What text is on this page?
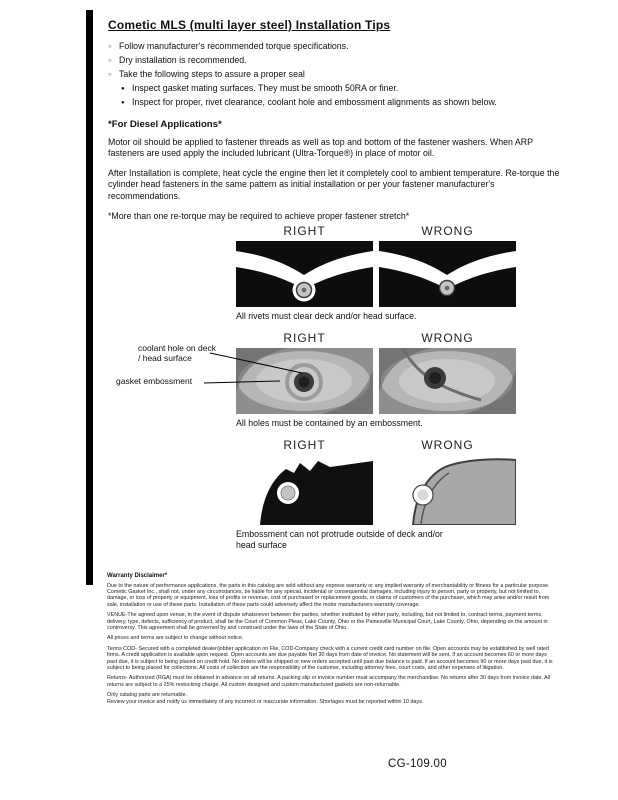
Cometic MLS (multi layer steel) Installation Tips
○ Follow manufacturer's recommended torque specifications.
○ Dry installation is recommended.
○ Take the following steps to assure a proper seal
● Inspect gasket mating surfaces. They must be smooth 50RA or finer.
● Inspect for proper, rivet clearance, coolant hole and embossment alignments as shown below.
*For Diesel Applications*

Motor oil should be applied to fastener threads as well as top and bottom of the fastener washers. When ARP fasteners are used apply the included lubricant (Ultra-Torque®) in place of motor oil.

After Installation is complete, heat cycle the engine then let it completely cool to ambient temperature. Re-torque the cylinder head fasteners in the same pattern as initial installation or per your fastener manufacturer's recommendations.

*More than one re-torque may be required to achieve proper fastener stretch*

RIGHT	WRONG
All rivets must clear deck and/or head surface.
RIGHT	WRONG
All holes must be contained by an embossment.
RIGHT	WRONG
Embossment can not protrude outside of deck and/or head surface
coolant hole on deck / head surface
gasket embossment
Warranty Disclaimer*

Due to the nature of performance applications, the parts in this catalog are sold without any express warranty or any implied warranty of merchantability or fitness for a particular purpose. Cometic Gasket Inc., shall not, under any circumstances, be liable for any special, incidental or consequential damages, including injury to person, party or property, but not limited to, damage, or loss of property or equipment, loss of profits or revenue, cost of purchased or replacement goods, or claims of customers of the purchaser, which may arise and/or result from sale, installation or use of these parts. Installation of these parts could adversely affect the motor manufacturers warranty coverage.

VENUE-The agreed upon venue, in the event of dispute whatsoever between the parties, whether instituted by either party, including, but not limited to, contract terms, payment terms, delivery, type, defects, sufficiency of product, shall be the Court of Common Pleas, Lake County, Ohio or the Painesville Municipal Court, Lake County, Ohio, depending on the amount in controversy. This agreement shall be governed by and construed under the laws of the State of Ohio.

All prices and terms are subject to change without notice.

Terms COD- Secured with a completed dealer/jobber application on File, COD-Company check with a current credit card number on file. Open accounts may be established by well rated firms. A credit application is available upon request. Open accounts are due payable Net 30 days from date of invoice. No statement will be sent. If an account becomes 60 or more days past due, it is subject to being placed on credit hold. No orders will be shipped or new orders accepted until past due balance is paid. If an account becomes 90 or more days past due, it is subject to being placed for collections. All costs of collection are the responsibility of the customer, including attorney fees, court costs, and other expenses of litigation.

Returns- Authorized (RGA) must be obtained in advance on all returns. A packing slip or invoice number must accompany the merchandise. No returns after 30 days from invoice date. All returns are subject to a 25% restocking charge. All custom designed and custom manufactured gaskets are non-returnable.

Only catalog parts are returnable.

Review your invoice and notify us immediately of any incorrect or inaccurate information. Shortages must be reported within 10 days.

CG-109.00
